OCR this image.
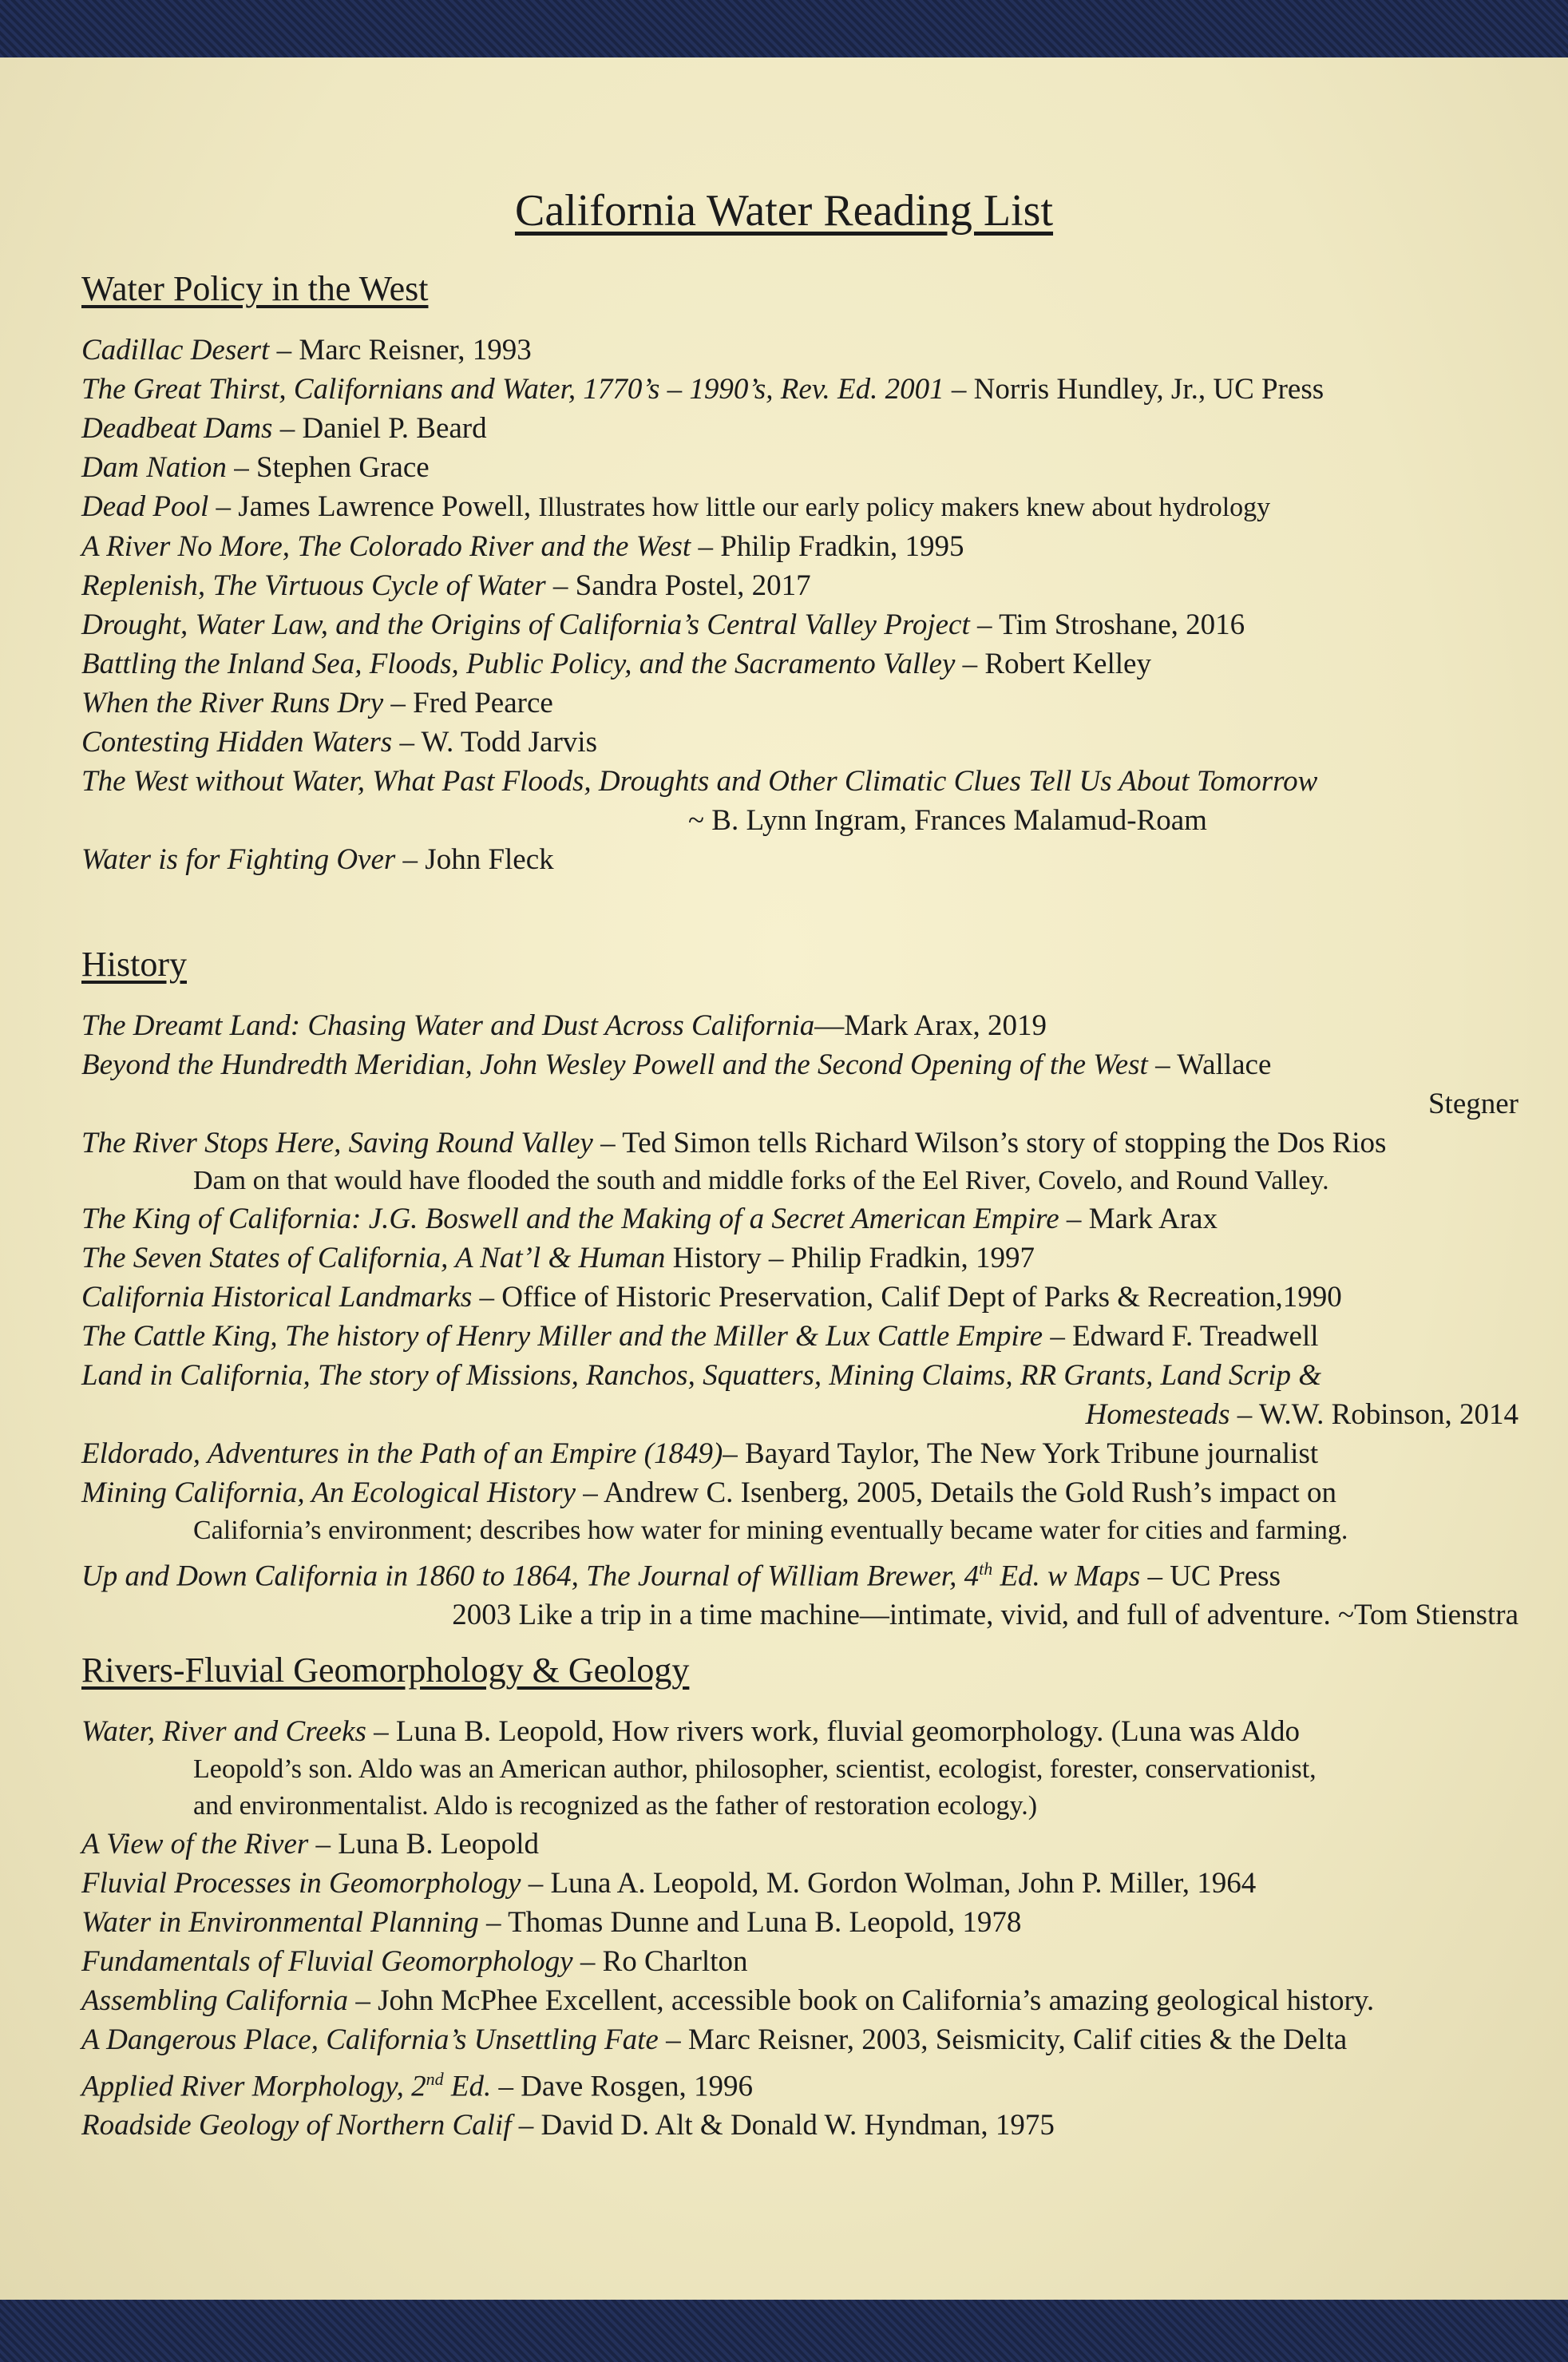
California Water Reading List
Water Policy in the West
Cadillac Desert – Marc Reisner, 1993
The Great Thirst, Californians and Water, 1770’s – 1990’s, Rev. Ed. 2001 – Norris Hundley, Jr., UC Press
Deadbeat Dams – Daniel P. Beard
Dam Nation – Stephen Grace
Dead Pool – James Lawrence Powell, Illustrates how little our early policy makers knew about hydrology
A River No More, The Colorado River and the West – Philip Fradkin, 1995
Replenish, The Virtuous Cycle of Water – Sandra Postel, 2017
Drought, Water Law, and the Origins of California’s Central Valley Project – Tim Stroshane, 2016
Battling the Inland Sea, Floods, Public Policy, and the Sacramento Valley – Robert Kelley
When the River Runs Dry – Fred Pearce
Contesting Hidden Waters – W. Todd Jarvis
The West without Water, What Past Floods, Droughts and Other Climatic Clues Tell Us About Tomorrow
~ B. Lynn Ingram, Frances Malamud-Roam
Water is for Fighting Over – John Fleck
History
The Dreamt Land: Chasing Water and Dust Across California—Mark Arax, 2019
Beyond the Hundredth Meridian, John Wesley Powell and the Second Opening of the West – Wallace
Stegner
The River Stops Here, Saving Round Valley – Ted Simon tells Richard Wilson’s story of stopping the Dos Rios
Dam on that would have flooded the south and middle forks of the Eel River, Covelo, and Round Valley.
The King of California: J.G. Boswell and the Making of a Secret American Empire – Mark Arax
The Seven States of California, A Nat’l & Human History – Philip Fradkin, 1997
California Historical Landmarks – Office of Historic Preservation, Calif Dept of Parks & Recreation,1990
The Cattle King, The history of Henry Miller and the Miller & Lux Cattle Empire – Edward F. Treadwell
Land in California, The story of Missions, Ranchos, Squatters, Mining Claims, RR Grants, Land Scrip &
Homesteads – W.W. Robinson, 2014
Eldorado, Adventures in the Path of an Empire (1849)– Bayard Taylor, The New York Tribune journalist
Mining California, An Ecological History – Andrew C. Isenberg, 2005, Details the Gold Rush’s impact on
California’s environment; describes how water for mining eventually became water for cities and farming.
Up and Down California in 1860 to 1864, The Journal of William Brewer, 4th Ed. w Maps – UC Press
2003 Like a trip in a time machine—intimate, vivid, and full of adventure. ~Tom Stienstra
Rivers-Fluvial Geomorphology & Geology
Water, River and Creeks – Luna B. Leopold, How rivers work, fluvial geomorphology. (Luna was Aldo
Leopold’s son. Aldo was an American author, philosopher, scientist, ecologist, forester, conservationist,
and environmentalist. Aldo is recognized as the father of restoration ecology.)
A View of the River – Luna B. Leopold
Fluvial Processes in Geomorphology – Luna A. Leopold, M. Gordon Wolman, John P. Miller, 1964
Water in Environmental Planning – Thomas Dunne and Luna B. Leopold, 1978
Fundamentals of Fluvial Geomorphology – Ro Charlton
Assembling California – John McPhee Excellent, accessible book on California’s amazing geological history.
A Dangerous Place, California’s Unsettling Fate – Marc Reisner, 2003, Seismicity, Calif cities & the Delta
Applied River Morphology, 2nd Ed. – Dave Rosgen, 1996
Roadside Geology of Northern Calif – David D. Alt & Donald W. Hyndman, 1975
